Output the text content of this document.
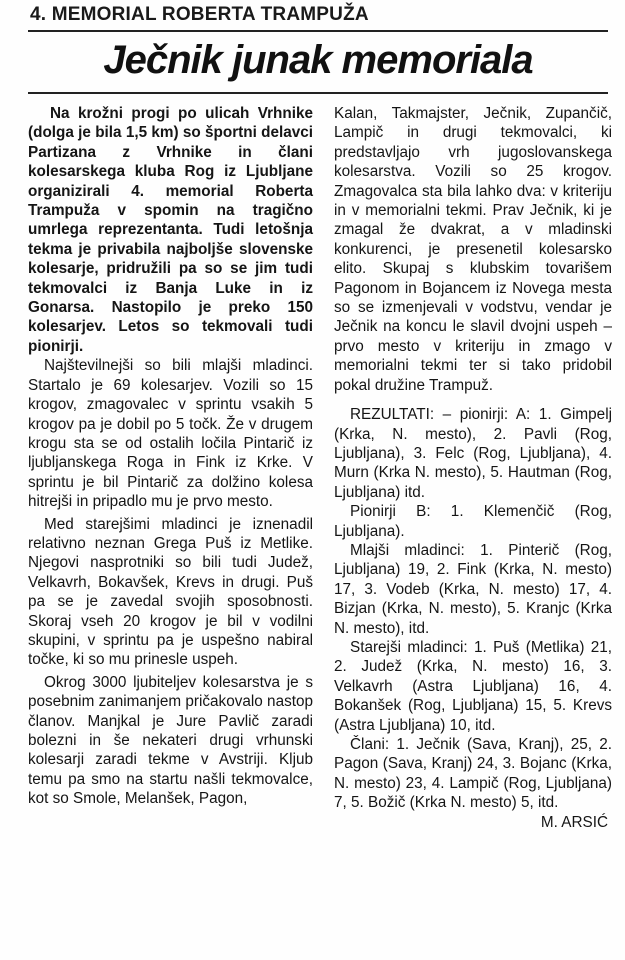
4. MEMORIAL ROBERTA TRAMPUŽA
Ječnik junak memoriala

Na krožni progi po ulicah Vrhnike (dolga je bila 1,5 km) so športni delavci Partizana z Vrhnike in člani kolesarskega kluba Rog iz Ljubljane organizirali 4. memorial Roberta Trampuža v spomin na tragično umrlega reprezentanta. Tudi letošnja tekma je privabila najboljše slovenske kolesarje, pridružili pa so se jim tudi tekmovalci iz Banja Luke in iz Gonarsa. Nastopilo je preko 150 kolesarjev. Letos so tekmovali tudi pionirji.

Najštevilnejši so bili mlajši mladinci. Startalo je 69 kolesarjev. Vozili so 15 krogov, zmagovalec v sprintu vsakih 5 krogov pa je dobil po 5 točk. Že v drugem krogu sta se od ostalih ločila Pintarič iz ljubljanskega Roga in Fink iz Krke. V sprintu je bil Pintarič za dolžino kolesa hitrejši in pripadlo mu je prvo mesto.

Med starejšimi mladinci je iznenadil relativno neznan Grega Puš iz Metlike. Njegovi nasprotniki so bili tudi Judež, Velkavrh, Bokavšek, Krevs in drugi. Puš pa se je zavedal svojih sposobnosti. Skoraj vseh 20 krogov je bil v vodilni skupini, v sprintu pa je uspešno nabiral točke, ki so mu prinesle uspeh.

Okrog 3000 ljubiteljev kolesarstva je s posebnim zanimanjem pričakovalo nastop članov. Manjkal je Jure Pavlič zaradi bolezni in še nekateri drugi vrhunski kolesarji zaradi tekme v Avstriji. Kljub temu pa smo na startu našli tekmovalce, kot so Smole, Melanšek, Pagon,

Kalan, Takmajster, Ječnik, Zupančič, Lampič in drugi tekmovalci, ki predstavljajo vrh jugoslovanskega kolesarstva. Vozili so 25 krogov. Zmagovalca sta bila lahko dva: v kriteriju in v memorialni tekmi. Prav Ječnik, ki je zmagal že dvakrat, a v mladinski konkurenci, je presenetil kolesarsko elito. Skupaj s klubskim tovarišem Pagonom in Bojancem iz Novega mesta so se izmenjevali v vodstvu, vendar je Ječnik na koncu le slavil dvojni uspeh – prvo mesto v kriteriju in zmago v memorialni tekmi ter si tako pridobil pokal družine Trampuž.

REZULTATI: – pionirji: A: 1. Gimpelj (Krka, N. mesto), 2. Pavli (Rog, Ljubljana), 3. Felc (Rog, Ljubljana), 4. Murn (Krka N. mesto), 5. Hautman (Rog, Ljubljana) itd.

Pionirji B: 1. Klemenčič (Rog, Ljubljana).

Mlajši mladinci: 1. Pinterič (Rog, Ljubljana) 19, 2. Fink (Krka, N. mesto) 17, 3. Vodeb (Krka, N. mesto) 17, 4. Bizjan (Krka, N. mesto), 5. Kranjc (Krka N. mesto), itd.

Starejši mladinci: 1. Puš (Metlika) 21, 2. Judež (Krka, N. mesto) 16, 3. Velkavrh (Astra Ljubljana) 16, 4. Bokanšek (Rog, Ljubljana) 15, 5. Krevs (Astra Ljubljana) 10, itd.

Člani: 1. Ječnik (Sava, Kranj), 25, 2. Pagon (Sava, Kranj) 24, 3. Bojanc (Krka, N. mesto) 23, 4. Lampič (Rog, Ljubljana) 7, 5. Božič (Krka N. mesto) 5, itd.

M. ARSIĆ
